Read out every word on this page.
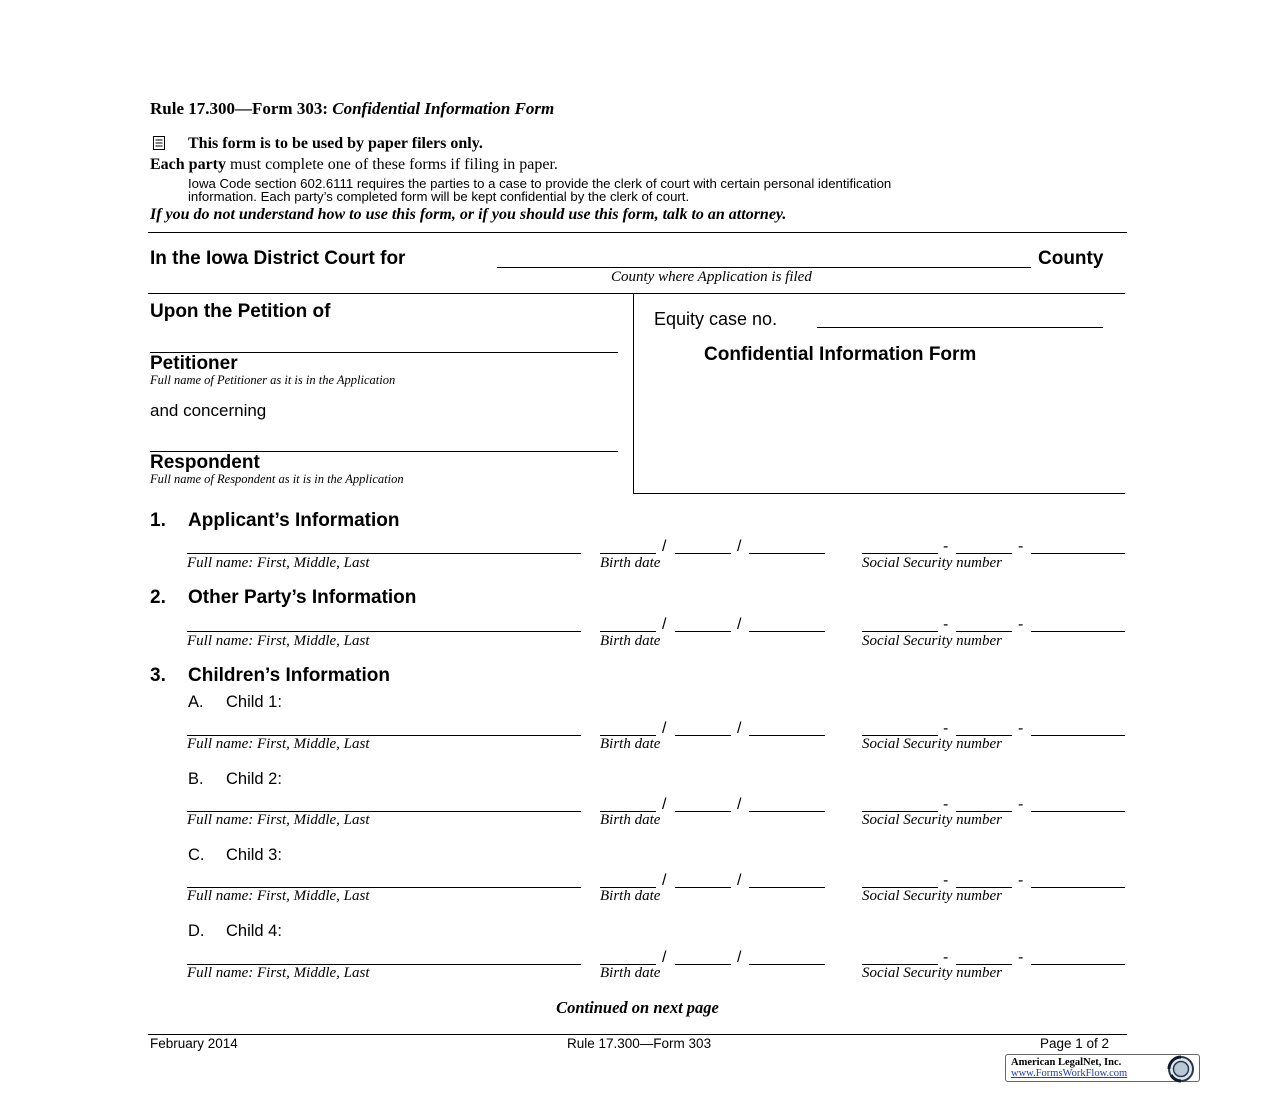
Rule 17.300—Form 303: Confidential Information Form
This form is to be used by paper filers only.
Each party must complete one of these forms if filing in paper.
Iowa Code section 602.6111 requires the parties to a case to provide the clerk of court with certain personal identification
information. Each party’s completed form will be kept confidential by the clerk of court.
If you do not understand how to use this form, or if you should use this form, talk to an attorney.
In the Iowa District Court for	County
County where Application is filed
Upon the Petition of
Petitioner
Full name of Petitioner as it is in the Application
and concerning
Respondent
Full name of Respondent as it is in the Application
Equity case no.
Confidential Information Form
1. Applicant’s Information
/	/	-	-
Full name: First, Middle, Last	Birth date	Social Security number
2. Other Party’s Information
/	/	-	-
Full name: First, Middle, Last	Birth date	Social Security number
3. Children’s Information
A. Child 1:
/	/	-	-
Full name: First, Middle, Last	Birth date	Social Security number
B. Child 2:
/	/	-	-
Full name: First, Middle, Last	Birth date	Social Security number
C. Child 3:
/	/	-	-
Full name: First, Middle, Last	Birth date	Social Security number
D. Child 4:
/	/	-	-
Full name: First, Middle, Last	Birth date	Social Security number
Continued on next page
February 2014	Rule 17.300—Form 303	Page 1 of 2
American LegalNet, Inc.
www.FormsWorkFlow.com
